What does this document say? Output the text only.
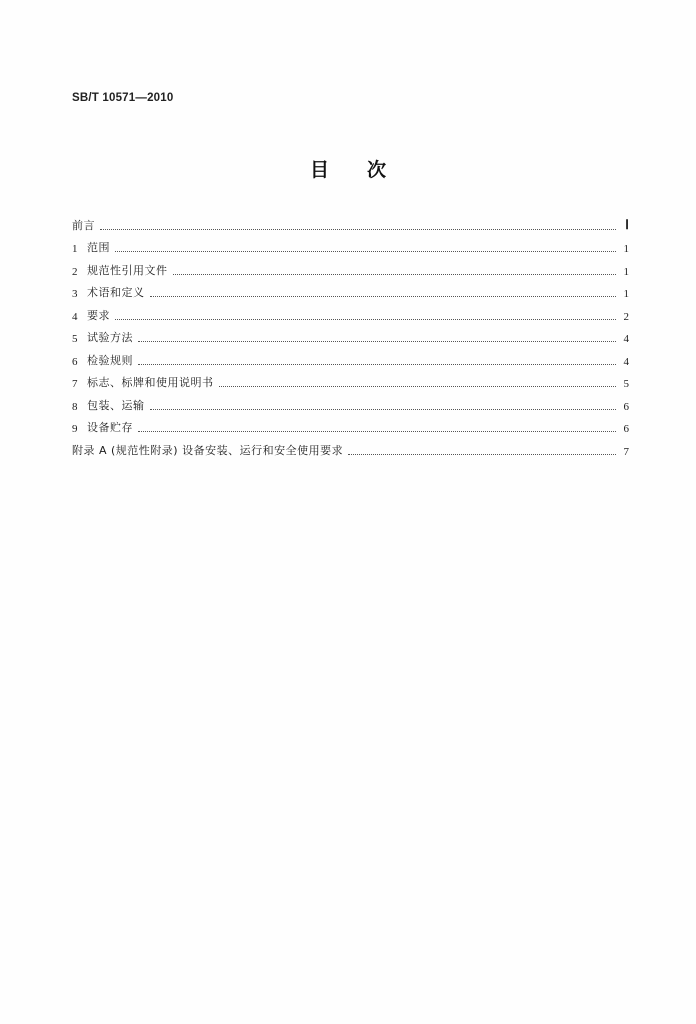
SB/T 10571—2010
目次
前言	Ⅰ
1 范围	1
2 规范性引用文件	1
3 术语和定义	1
4 要求	2
5 试验方法	4
6 检验规则	4
7 标志、标牌和使用说明书	5
8 包装、运输	6
9 设备贮存	6
附录 A (规范性附录) 设备安装、运行和安全使用要求	7
